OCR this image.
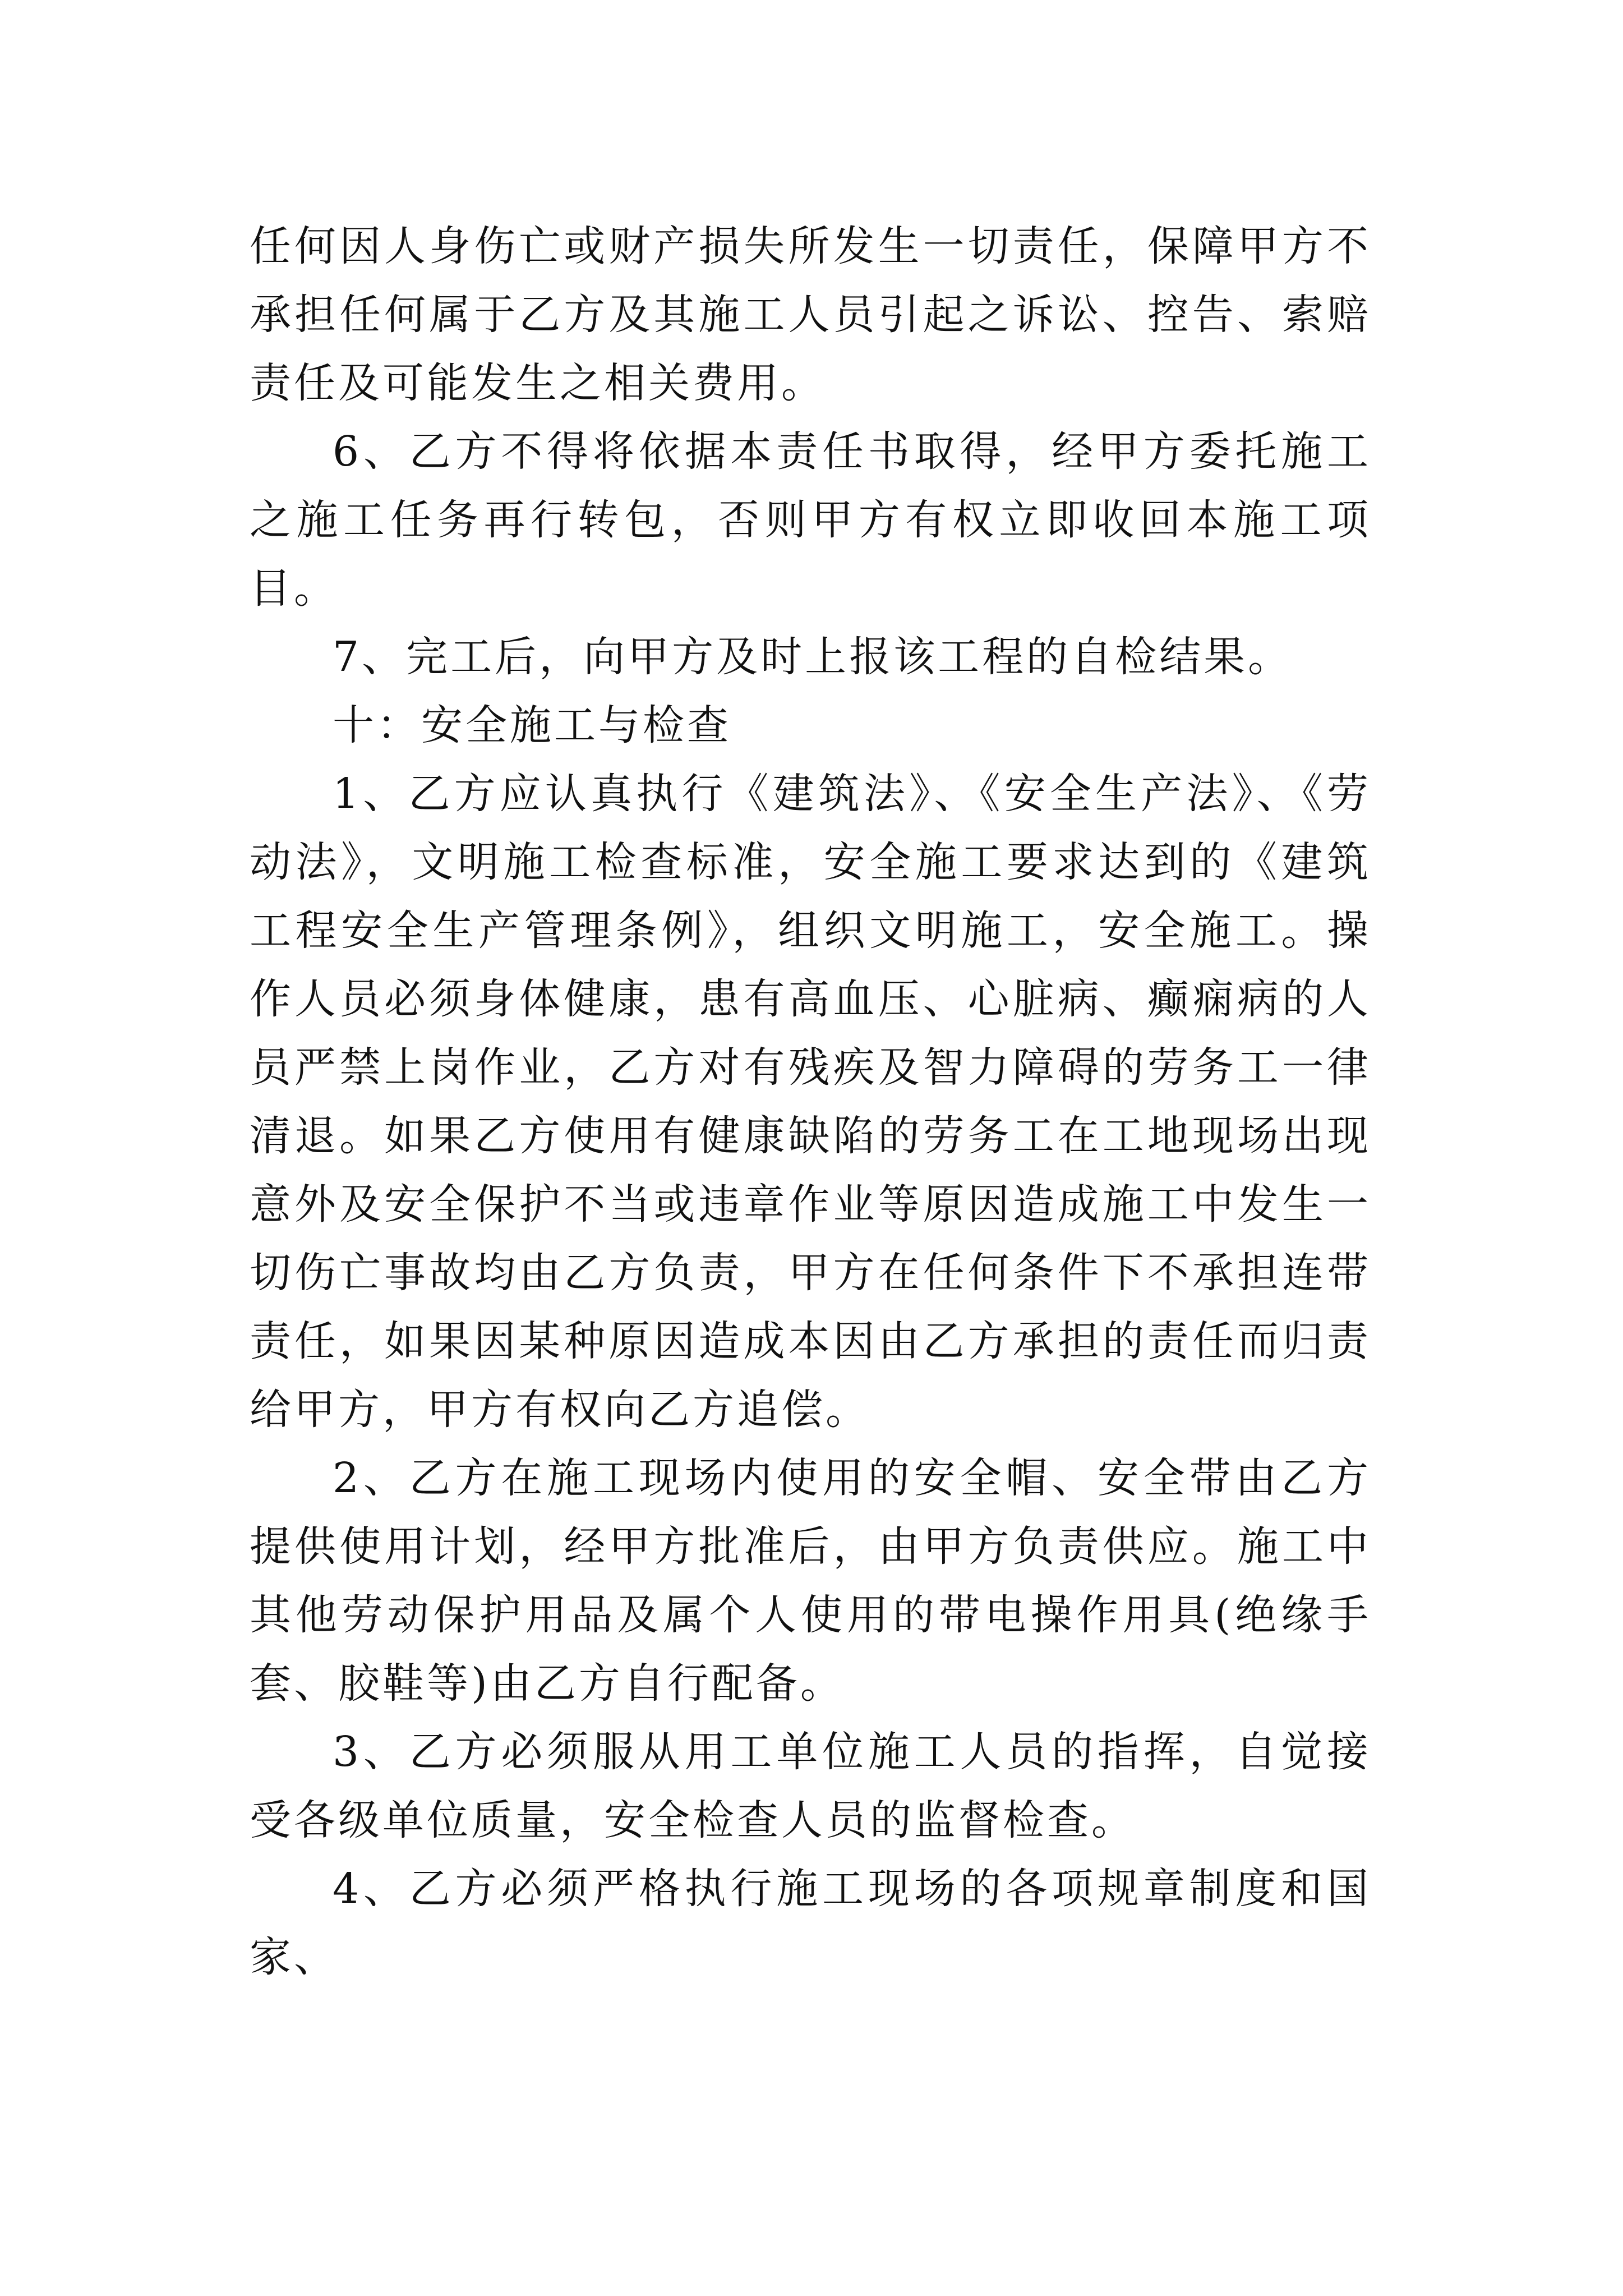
任何因人身伤亡或财产损失所发生一切责任，保障甲方不承担任何属于乙方及其施工人员引起之诉讼、控告、索赔责任及可能发生之相关费用。

6、乙方不得将依据本责任书取得，经甲方委托施工之施工任务再行转包，否则甲方有权立即收回本施工项目。

7、完工后，向甲方及时上报该工程的自检结果。

十：安全施工与检查

1、乙方应认真执行《建筑法》、《安全生产法》、《劳动法》，文明施工检查标准，安全施工要求达到的《建筑工程安全生产管理条例》，组织文明施工，安全施工。操作人员必须身体健康，患有高血压、心脏病、癫痫病的人员严禁上岗作业，乙方对有残疾及智力障碍的劳务工一律清退。如果乙方使用有健康缺陷的劳务工在工地现场出现意外及安全保护不当或违章作业等原因造成施工中发生一切伤亡事故均由乙方负责，甲方在任何条件下不承担连带责任，如果因某种原因造成本因由乙方承担的责任而归责给甲方，甲方有权向乙方追偿。

2、乙方在施工现场内使用的安全帽、安全带由乙方提供使用计划，经甲方批准后，由甲方负责供应。施工中其他劳动保护用品及属个人使用的带电操作用具(绝缘手套、胶鞋等)由乙方自行配备。

3、乙方必须服从用工单位施工人员的指挥，自觉接受各级单位质量，安全检查人员的监督检查。

4、乙方必须严格执行施工现场的各项规章制度和国家、
